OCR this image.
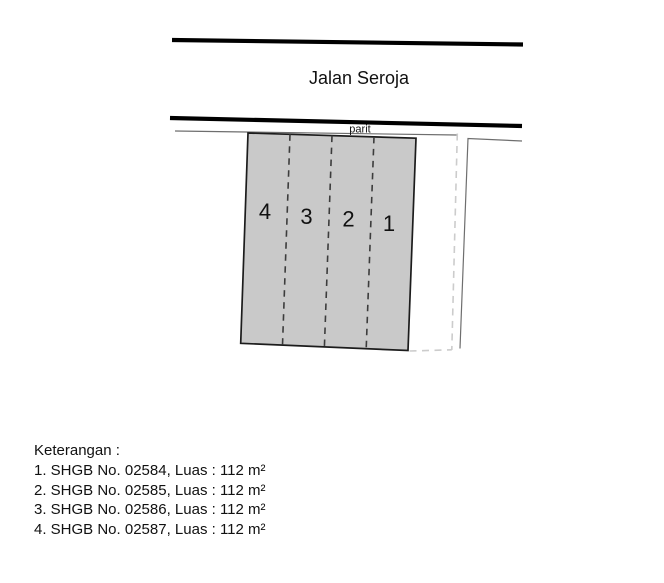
Jalan Seroja
parit
4 3 2 1
Keterangan :
1. SHGB No. 02584, Luas : 112 m²
2. SHGB No. 02585, Luas : 112 m²
3. SHGB No. 02586, Luas : 112 m²
4. SHGB No. 02587, Luas : 112 m²
